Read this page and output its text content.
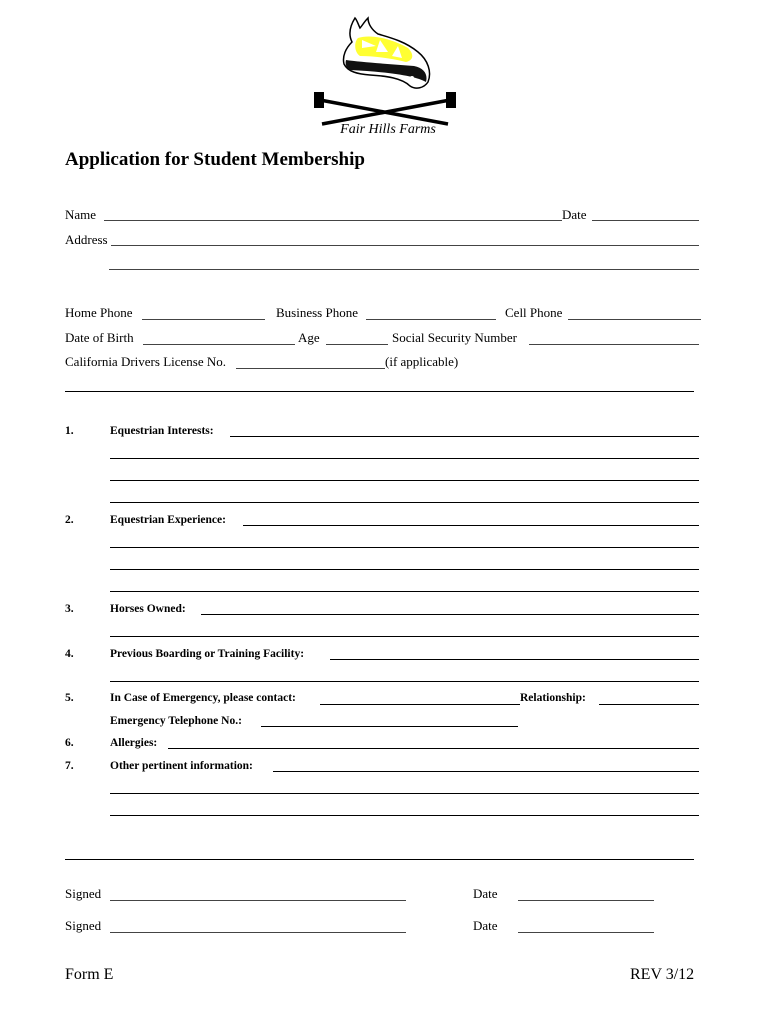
Fair Hills Farms
Application for Student Membership
Name	Date
Address
Home Phone	Business Phone	Cell Phone
Date of Birth	Age	Social Security Number
California Drivers License No.	(if applicable)
1.	Equestrian Interests:
2.	Equestrian Experience:
3.	Horses Owned:
4.	Previous Boarding or Training Facility:
5.	In Case of Emergency, please contact:	Relationship:
Emergency Telephone No.:
6.	Allergies:
7.	Other pertinent information:
Signed	Date
Signed	Date
Form E	REV 3/12
